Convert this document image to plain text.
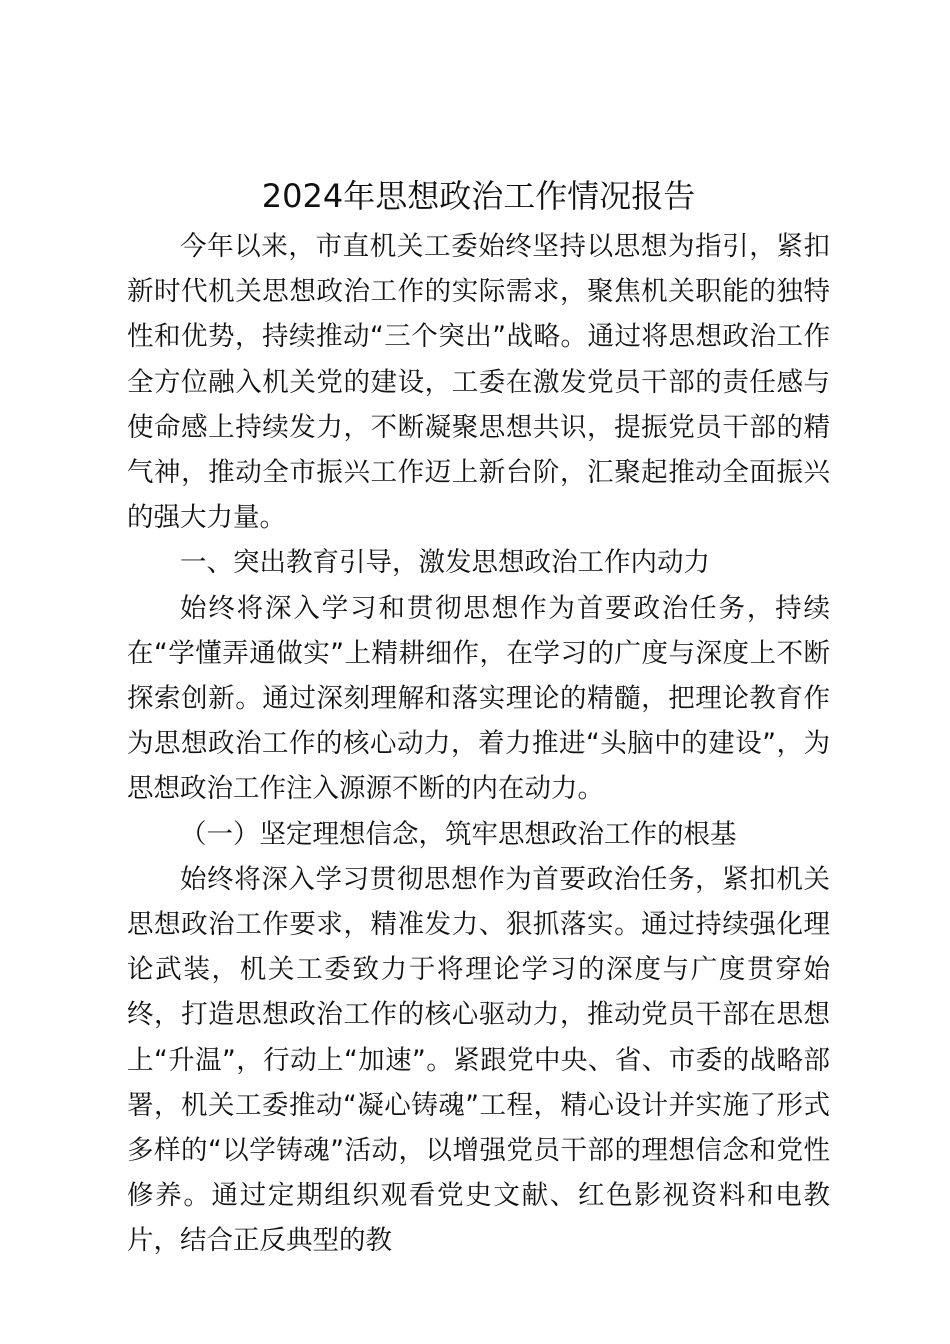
2024年思想政治工作情况报告

今年以来，市直机关工委始终坚持以思想为指引，紧扣新时代机关思想政治工作的实际需求，聚焦机关职能的独特性和优势，持续推动“三个突出”战略。通过将思想政治工作全方位融入机关党的建设，工委在激发党员干部的责任感与使命感上持续发力，不断凝聚思想共识，提振党员干部的精气神，推动全市振兴工作迈上新台阶，汇聚起推动全面振兴的强大力量。

一、突出教育引导，激发思想政治工作内动力

始终将深入学习和贯彻思想作为首要政治任务，持续在“学懂弄通做实”上精耕细作，在学习的广度与深度上不断探索创新。通过深刻理解和落实理论的精髓，把理论教育作为思想政治工作的核心动力，着力推进“头脑中的建设”，为思想政治工作注入源源不断的内在动力。

（一）坚定理想信念，筑牢思想政治工作的根基

始终将深入学习贯彻思想作为首要政治任务，紧扣机关思想政治工作要求，精准发力、狠抓落实。通过持续强化理论武装，机关工委致力于将理论学习的深度与广度贯穿始终，打造思想政治工作的核心驱动力，推动党员干部在思想上“升温”，行动上“加速”。紧跟党中央、省、市委的战略部署，机关工委推动“凝心铸魂”工程，精心设计并实施了形式多样的“以学铸魂”活动，以增强党员干部的理想信念和党性修养。通过定期组织观看党史文献、红色影视资料和电教片，结合正反典型的教
